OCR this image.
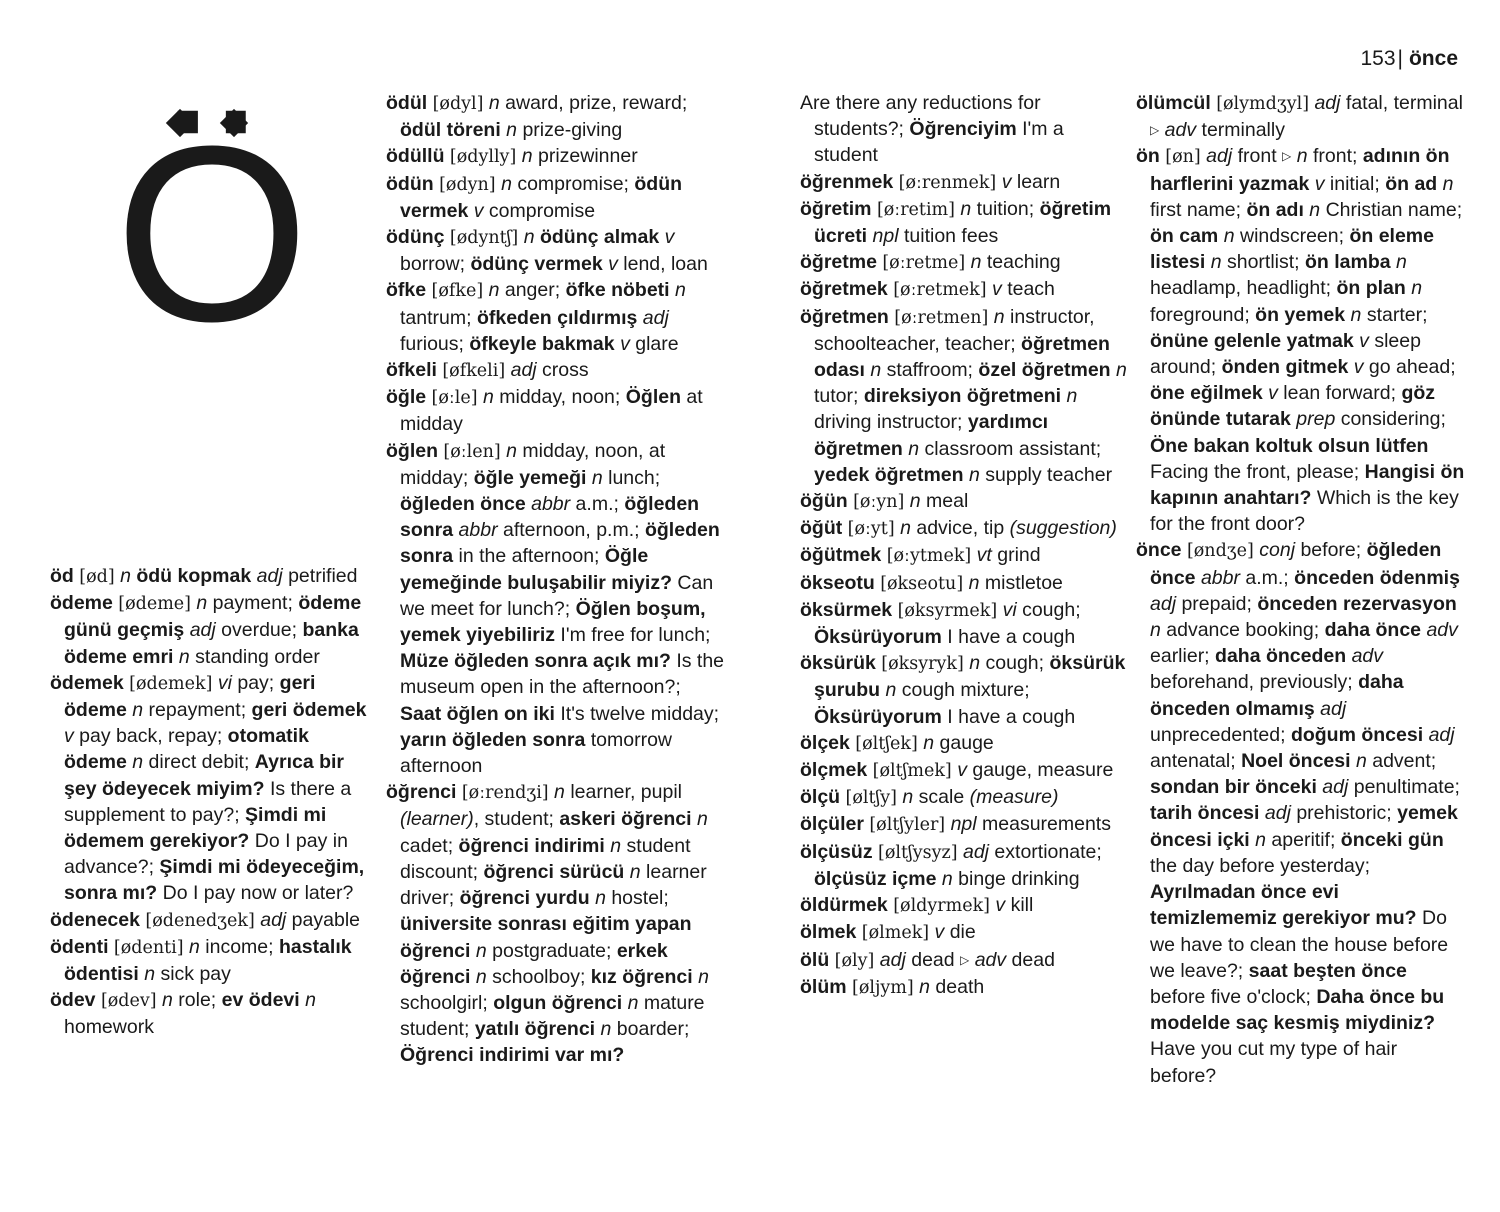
153| önce
Ö

öd [ød] n ödü kopmak adj petrified

ödeme [ødeme] n payment; ödeme günü geçmiş adj overdue; banka ödeme emri n standing order

ödemek [ødemek] vi pay; geri ödeme n repayment; geri ödemek v pay back, repay; otomatik ödeme n direct debit; Ayrıca bir şey ödeyecek miyim? Is there a supplement to pay?; Şimdi mi ödemem gerekiyor? Do I pay in advance?; Şimdi mi ödeyeceğim, sonra mı? Do I pay now or later?

ödenecek [ødenedʒek] adj payable

ödenti [ødenti] n income; hastalık ödentisi n sick pay

ödev [ødev] n role; ev ödevi n homework

ödül [ødyl] n award, prize, reward; ödül töreni n prize-giving

ödüllü [ødylly] n prizewinner

ödün [ødyn] n compromise; ödün vermek v compromise

ödünç [ødyntʃ] n ödünç almak v borrow; ödünç vermek v lend, loan

öfke [øfke] n anger; öfke nöbeti n tantrum; öfkeden çıldırmış adj furious; öfkeyle bakmak v glare

öfkeli [øfkeli] adj cross

öğle [øːle] n midday, noon; Öğlen at midday

öğlen [øːlen] n midday, noon, at midday; öğle yemeği n lunch; öğleden önce abbr a.m.; öğleden sonra abbr afternoon, p.m.; öğleden sonra in the afternoon; Öğle yemeğinde buluşabilir miyiz? Can we meet for lunch?; Öğlen boşum, yemek yiyebiliriz I'm free for lunch; Müze öğleden sonra açık mı? Is the museum open in the afternoon?; Saat öğlen on iki It's twelve midday; yarın öğleden sonra tomorrow afternoon

öğrenci [øːrendʒi] n learner, pupil (learner), student; askeri öğrenci n cadet; öğrenci indirimi n student discount; öğrenci sürücü n learner driver; öğrenci yurdu n hostel; üniversite sonrası eğitim yapan öğrenci n postgraduate; erkek öğrenci n schoolboy; kız öğrenci n schoolgirl; olgun öğrenci n mature student; yatılı öğrenci n boarder; Öğrenci indirimi var mı?

Are there any reductions for students?; Öğrenciyim I'm a student

öğrenmek [øːrenmek] v learn

öğretim [øːretim] n tuition; öğretim ücreti npl tuition fees

öğretme [øːretme] n teaching

öğretmek [øːretmek] v teach

öğretmen [øːretmen] n instructor, schoolteacher, teacher; öğretmen odası n staffroom; özel öğretmen n tutor; direksiyon öğretmeni n driving instructor; yardımcı öğretmen n classroom assistant; yedek öğretmen n supply teacher

öğün [øːyn] n meal

öğüt [øːyt] n advice, tip (suggestion)

öğütmek [øːytmek] vt grind

ökseotu [økseotu] n mistletoe

öksürmek [øksyrmek] vi cough; Öksürüyorum I have a cough

öksürük [øksyryk] n cough; öksürük şurubu n cough mixture; Öksürüyorum I have a cough

ölçek [øltʃek] n gauge

ölçmek [øltʃmek] v gauge, measure

ölçü [øltʃy] n scale (measure)

ölçüler [øltʃyler] npl measurements

ölçüsüz [øltʃysyz] adj extortionate; ölçüsüz içme n binge drinking

öldürmek [øldyrmek] v kill

ölmek [ølmek] v die

ölü [øly] adj dead ▷ adv dead

ölüm [øljym] n death

ölümcül [ølymdʒyl] adj fatal, terminal ▷ adv terminally

ön [øn] adj front ▷ n front; adının ön harflerini yazmak v initial; ön ad n first name; ön adı n Christian name; ön cam n windscreen; ön eleme listesi n shortlist; ön lamba n headlamp, headlight; ön plan n foreground; ön yemek n starter; önüne gelenle yatmak v sleep around; önden gitmek v go ahead; öne eğilmek v lean forward; göz önünde tutarak prep considering; Öne bakan koltuk olsun lütfen Facing the front, please; Hangisi ön kapının anahtarı? Which is the key for the front door?

önce [øndʒe] conj before; öğleden önce abbr a.m.; önceden ödenmiş adj prepaid; önceden rezervasyon n advance booking; daha önce adv earlier; daha önceden adv beforehand, previously; daha önceden olmamış adj unprecedented; doğum öncesi adj antenatal; Noel öncesi n advent; sondan bir önceki adj penultimate; tarih öncesi adj prehistoric; yemek öncesi içki n aperitif; önceki gün the day before yesterday; Ayrılmadan önce evi temizlememiz gerekiyor mu? Do we have to clean the house before we leave?; saat beşten önce before five o'clock; Daha önce bu modelde saç kesmiş miydiniz? Have you cut my type of hair before?
